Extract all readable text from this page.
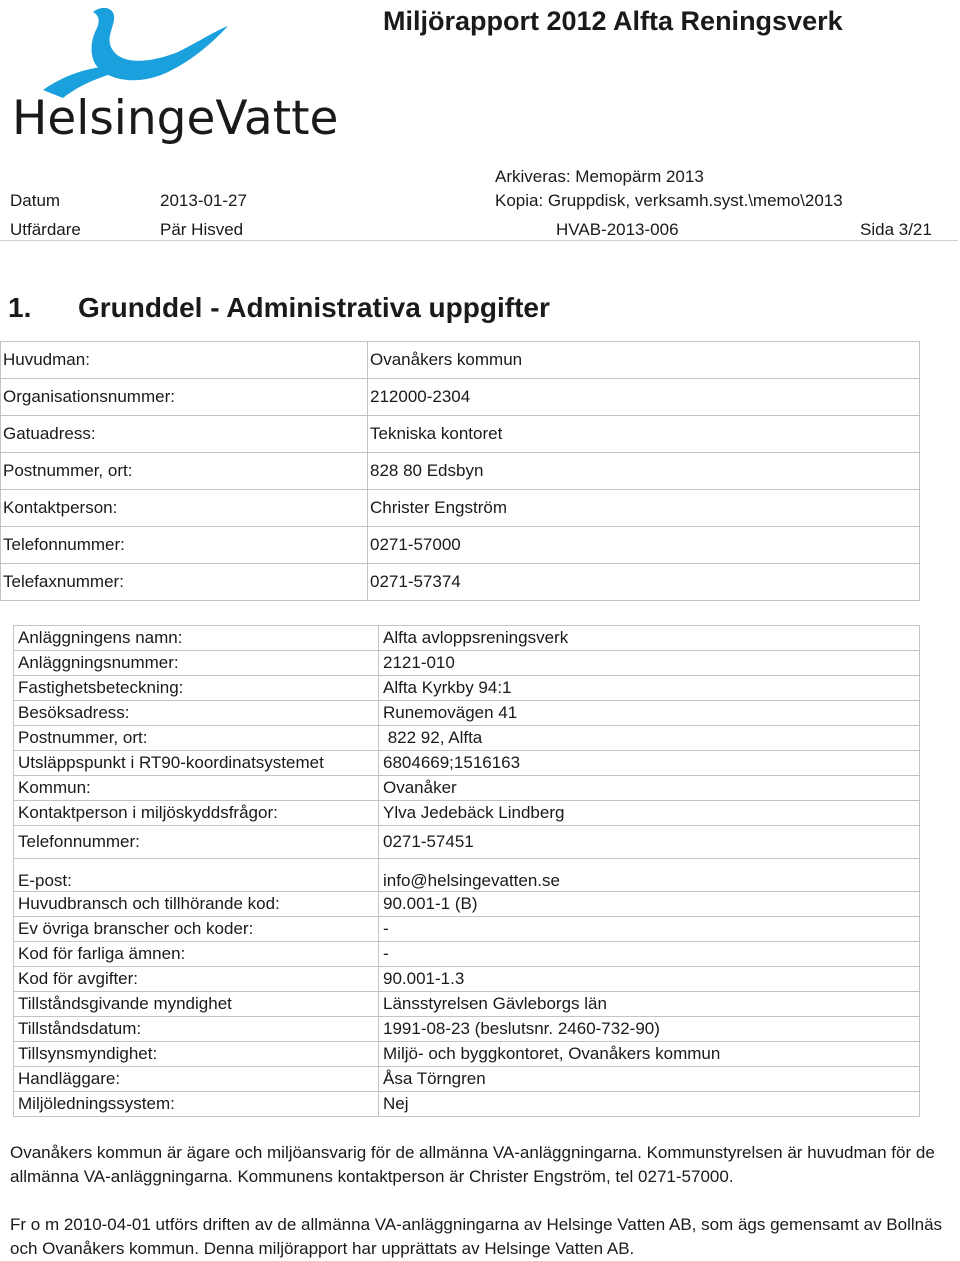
HelsingeVatten
Miljörapport 2012 Alfta Reningsverk
Arkiveras: Memopärm 2013
Kopia: Gruppdisk, verksamh.syst.\memo\2013
Datum	2013-01-27
Utfärdare	Pär Hisved	HVAB-2013-006	Sida 3/21
1. Grunddel - Administrativa uppgifter
Huvudman:	Ovanåkers kommun
Organisationsnummer:	212000-2304
Gatuadress:	Tekniska kontoret
Postnummer, ort:	828 80 Edsbyn
Kontaktperson:	Christer Engström
Telefonnummer:	0271-57000
Telefaxnummer:	0271-57374
Anläggningens namn:	Alfta avloppsreningsverk
Anläggningsnummer:	2121-010
Fastighetsbeteckning:	Alfta Kyrkby 94:1
Besöksadress:	Runemovägen 41
Postnummer, ort:	822 92, Alfta
Utsläppspunkt i RT90-koordinatsystemet	6804669;1516163
Kommun:	Ovanåker
Kontaktperson i miljöskyddsfrågor:	Ylva Jedebäck Lindberg
Telefonnummer:	0271-57451
E-post:	info@helsingevatten.se
Huvudbransch och tillhörande kod:	90.001-1 (B)
Ev övriga branscher och koder:	-
Kod för farliga ämnen:	-
Kod för avgifter:	90.001-1.3
Tillståndsgivande myndighet	Länsstyrelsen Gävleborgs län
Tillståndsdatum:	1991-08-23 (beslutsnr. 2460-732-90)
Tillsynsmyndighet:	Miljö- och byggkontoret, Ovanåkers kommun
Handläggare:	Åsa Törngren
Miljöledningssystem:	Nej
Ovanåkers kommun är ägare och miljöansvarig för de allmänna VA-anläggningarna. Kommunstyrelsen är huvudman för de allmänna VA-anläggningarna. Kommunens kontaktperson är Christer Engström, tel 0271-57000.
Fr o m 2010-04-01 utförs driften av de allmänna VA-anläggningarna av Helsinge Vatten AB, som ägs gemensamt av Bollnäs och Ovanåkers kommun. Denna miljörapport har upprättats av Helsinge Vatten AB.
